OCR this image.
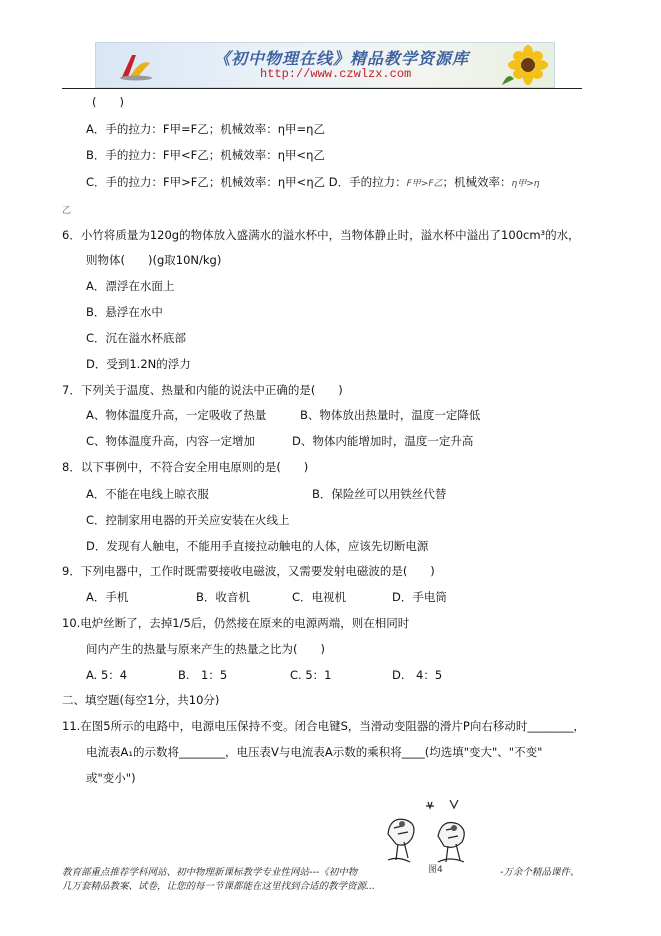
《初中物理在线》精品教学资源库
http://www.czwlzx.com
(　　)
A．手的拉力：F甲=F乙；机械效率：η甲=η乙
B．手的拉力：F甲<F乙；机械效率：η甲<η乙
C．手的拉力：F甲>F乙；机械效率：η甲<η乙 D．手的拉力：F甲>F乙；机械效率：η甲>η
乙
6．小竹将质量为120g的物体放入盛满水的溢水杯中，当物体静止时，溢水杯中溢出了100cm³的水，
则物体(　　)(g取10N/kg)
A．漂浮在水面上
B．悬浮在水中
C．沉在溢水杯底部
D．受到1.2N的浮力
7．下列关于温度、热量和内能的说法中正确的是(　　)
A、物体温度升高，一定吸收了热量	B、物体放出热量时，温度一定降低
C、物体温度升高，内容一定增加	D、物体内能增加时，温度一定升高
8．以下事例中，不符合安全用电原则的是(　　)
A．不能在电线上晾衣服	B．保险丝可以用铁丝代替
C．控制家用电器的开关应安装在火线上
D．发现有人触电，不能用手直接拉动触电的人体，应该先切断电源
9．下列电器中，工作时既需要接收电磁波，又需要发射电磁波的是(　　)
A．手机	B．收音机	C．电视机	D．手电筒
10.电炉丝断了，去掉1/5后，仍然接在原来的电源两端，则在相同时
间内产生的热量与原来产生的热量之比为(　　)
A. 5：4	B.　1：5	C. 5：1	D.　4：5
二、填空题(每空1分，共10分)
11.在图5所示的电路中，电源电压保持不变。闭合电键S，当滑动变阻器的滑片P向右移动时________，
电流表A₁的示数将________，电压表V与电流表A示数的乘积将____(均选填"变大"、"不变"
或"变小")
图4
教育部重点推荐学科网站、初中物理新课标教学专业性网站---《初中物	-万余个精品课件、
几万套精品教案、试卷，让您的每一节课都能在这里找到合适的教学资源...
